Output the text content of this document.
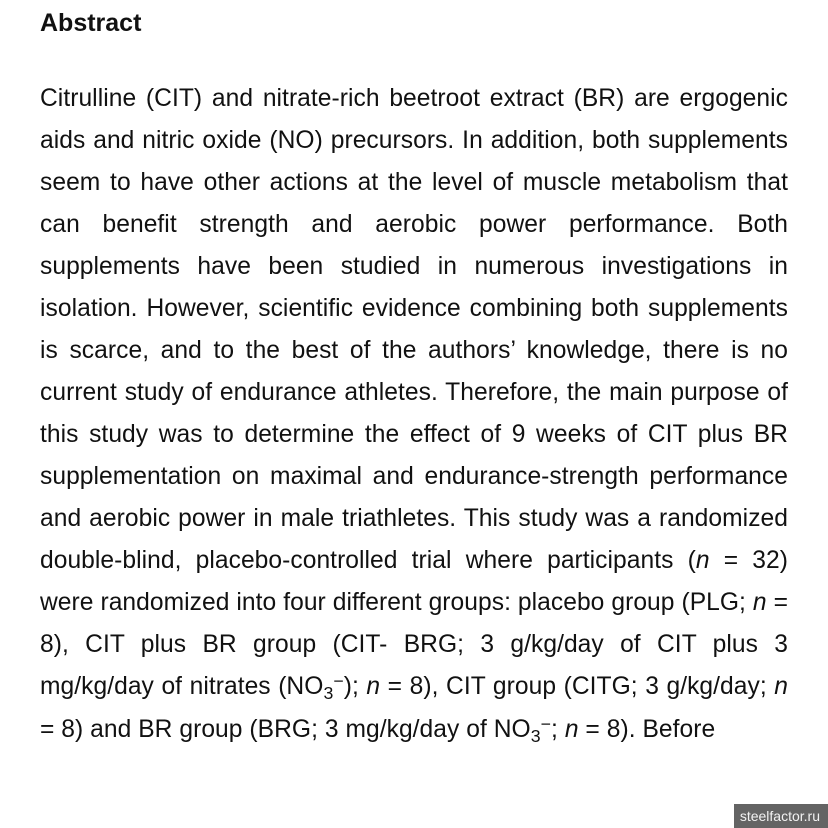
Abstract

Citrulline (CIT) and nitrate-rich beetroot extract (BR) are ergogenic aids and nitric oxide (NO) precursors. In addition, both supplements seem to have other actions at the level of muscle metabolism that can benefit strength and aerobic power performance. Both supplements have been studied in numerous investigations in isolation. However, scientific evidence combining both supplements is scarce, and to the best of the authors’ knowledge, there is no current study of endurance athletes. Therefore, the main purpose of this study was to determine the effect of 9 weeks of CIT plus BR supplementation on maximal and endurance-strength performance and aerobic power in male triathletes. This study was a randomized double-blind, placebo-controlled trial where participants (n = 32) were randomized into four different groups: placebo group (PLG; n = 8), CIT plus BR group (CIT- BRG; 3 g/kg/day of CIT plus 3 mg/kg/day of nitrates $(NO_3^-)$; n = 8), CIT group (CITG; 3 g/kg/day; n = 8) and BR group (BRG; 3 mg/kg/day of $NO_3^-$; n = 8). Before

steelfactor.ru
